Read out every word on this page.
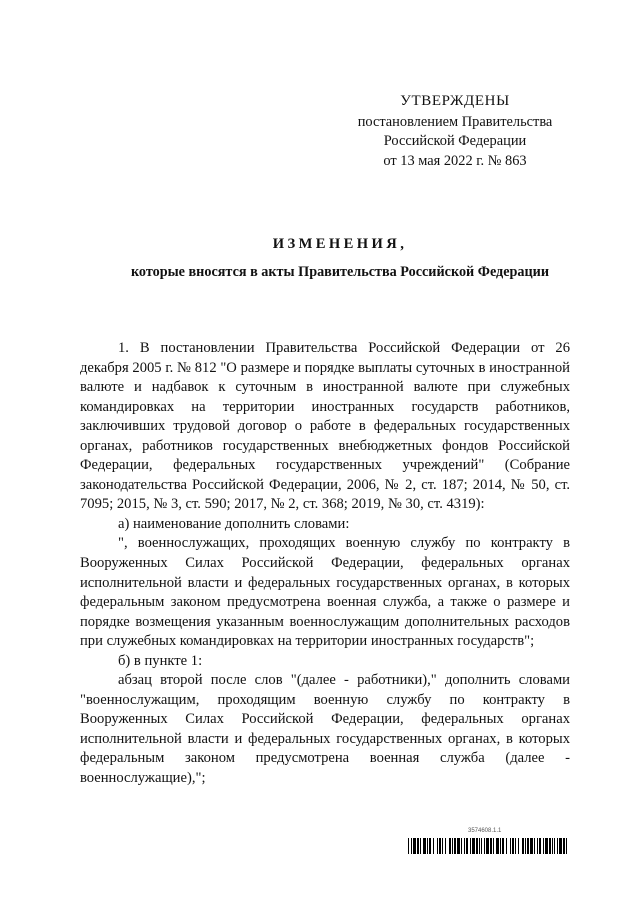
УТВЕРЖДЕНЫ
постановлением Правительства
Российской Федерации
от 13 мая 2022 г. № 863
ИЗМЕНЕНИЯ,
которые вносятся в акты Правительства Российской Федерации

1. В постановлении Правительства Российской Федерации от 26 декабря 2005 г. № 812 "О размере и порядке выплаты суточных в иностранной валюте и надбавок к суточным в иностранной валюте при служебных командировках на территории иностранных государств работников, заключивших трудовой договор о работе в федеральных государственных органах, работников государственных внебюджетных фондов Российской Федерации, федеральных государственных учреждений" (Собрание законодательства Российской Федерации, 2006, № 2, ст. 187; 2014, № 50, ст. 7095; 2015, № 3, ст. 590; 2017, № 2, ст. 368; 2019, № 30, ст. 4319):

а) наименование дополнить словами:

", военнослужащих, проходящих военную службу по контракту в Вооруженных Силах Российской Федерации, федеральных органах исполнительной власти и федеральных государственных органах, в которых федеральным законом предусмотрена военная служба, а также о размере и порядке возмещения указанным военнослужащим дополнительных расходов при служебных командировках на территории иностранных государств";

б) в пункте 1:

абзац второй после слов "(далее - работники)," дополнить словами "военнослужащим, проходящим военную службу по контракту в Вооруженных Силах Российской Федерации, федеральных органах исполнительной власти и федеральных государственных органах, в которых федеральным законом предусмотрена военная служба (далее - военнослужащие),";

3574608.1.1
